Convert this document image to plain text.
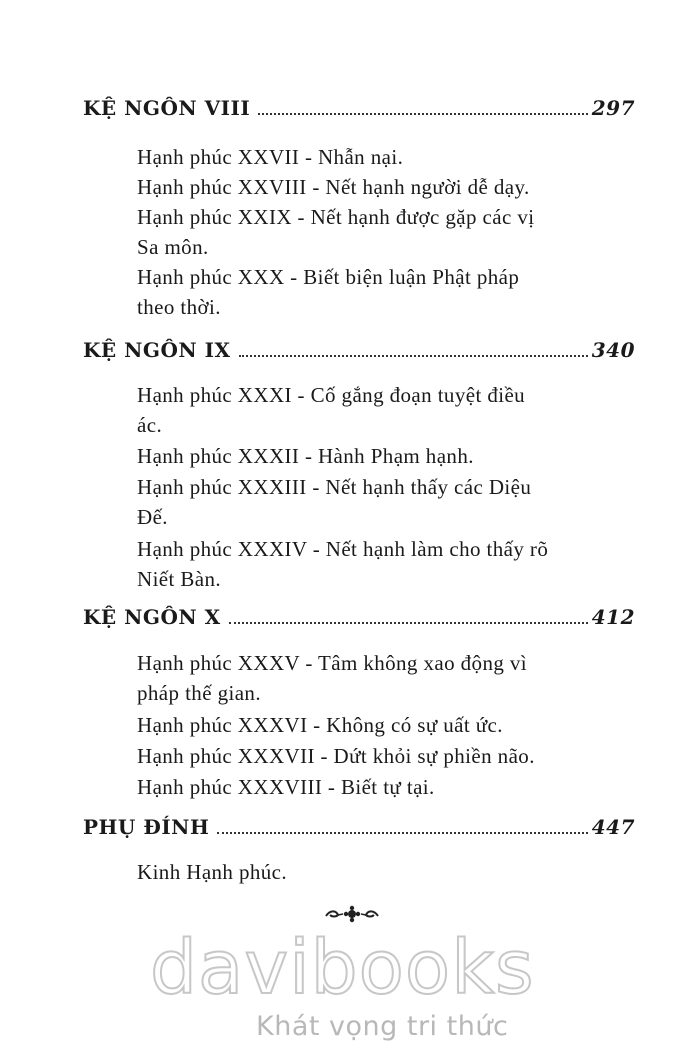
KỆ NGÔN VIII	297
Hạnh phúc XXVII - Nhẫn nại.
Hạnh phúc XXVIII - Nết hạnh người dễ dạy.
Hạnh phúc XXIX - Nết hạnh được gặp các vị
Sa môn.
Hạnh phúc XXX - Biết biện luận Phật pháp
theo thời.
KỆ NGÔN IX	340
Hạnh phúc XXXI - Cố gắng đoạn tuyệt điều
ác.
Hạnh phúc XXXII - Hành Phạm hạnh.
Hạnh phúc XXXIII - Nết hạnh thấy các Diệu
Đế.
Hạnh phúc XXXIV - Nết hạnh làm cho thấy rõ
Niết Bàn.
KỆ NGÔN X	412
Hạnh phúc XXXV - Tâm không xao động vì
pháp thế gian.
Hạnh phúc XXXVI - Không có sự uất ức.
Hạnh phúc XXXVII - Dứt khỏi sự phiền não.
Hạnh phúc XXXVIII - Biết tự tại.
PHỤ ĐÍNH	447
Kinh Hạnh phúc.
davibooks
Khát vọng tri thức
